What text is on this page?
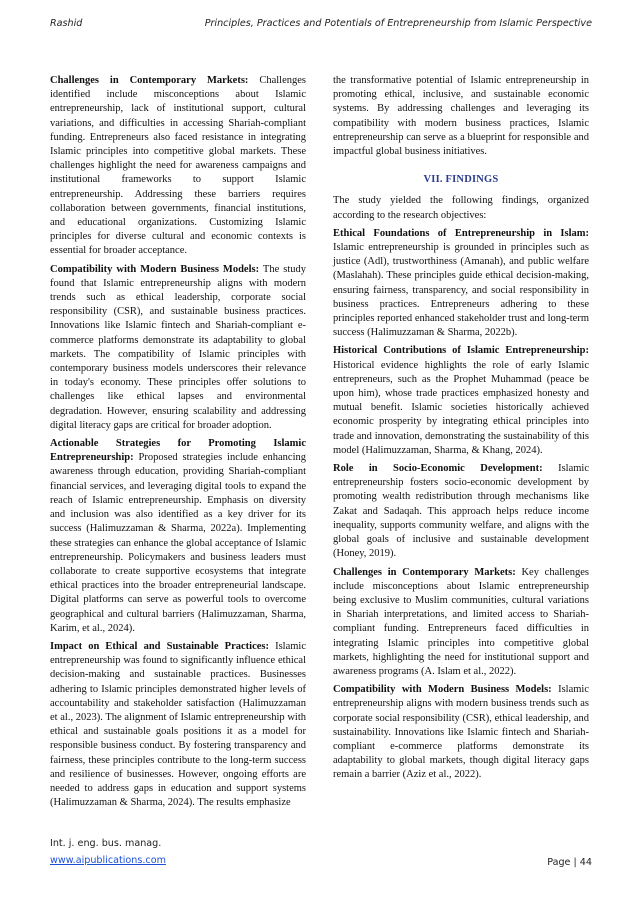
Rashid	Principles, Practices and Potentials of Entrepreneurship from Islamic Perspective

Challenges in Contemporary Markets: Challenges identified include misconceptions about Islamic entrepreneurship, lack of institutional support, cultural variations, and difficulties in accessing Shariah-compliant funding. Entrepreneurs also faced resistance in integrating Islamic principles into competitive global markets. These challenges highlight the need for awareness campaigns and institutional frameworks to support Islamic entrepreneurship. Addressing these barriers requires collaboration between governments, financial institutions, and educational organizations. Customizing Islamic principles for diverse cultural and economic contexts is essential for broader acceptance.

Compatibility with Modern Business Models: The study found that Islamic entrepreneurship aligns with modern trends such as ethical leadership, corporate social responsibility (CSR), and sustainable business practices. Innovations like Islamic fintech and Shariah-compliant e-commerce platforms demonstrate its adaptability to global markets. The compatibility of Islamic principles with contemporary business models underscores their relevance in today's economy. These principles offer solutions to challenges like ethical lapses and environmental degradation. However, ensuring scalability and addressing digital literacy gaps are critical for broader adoption.

Actionable Strategies for Promoting Islamic Entrepreneurship: Proposed strategies include enhancing awareness through education, providing Shariah-compliant financial services, and leveraging digital tools to expand the reach of Islamic entrepreneurship. Emphasis on diversity and inclusion was also identified as a key driver for its success (Halimuzzaman & Sharma, 2022a). Implementing these strategies can enhance the global acceptance of Islamic entrepreneurship. Policymakers and business leaders must collaborate to create supportive ecosystems that integrate ethical practices into the broader entrepreneurial landscape. Digital platforms can serve as powerful tools to overcome geographical and cultural barriers (Halimuzzaman, Sharma, Karim, et al., 2024).

Impact on Ethical and Sustainable Practices: Islamic entrepreneurship was found to significantly influence ethical decision-making and sustainable practices. Businesses adhering to Islamic principles demonstrated higher levels of accountability and stakeholder satisfaction (Halimuzzaman et al., 2023). The alignment of Islamic entrepreneurship with ethical and sustainable goals positions it as a model for responsible business conduct. By fostering transparency and fairness, these principles contribute to the long-term success and resilience of businesses. However, ongoing efforts are needed to address gaps in education and support systems (Halimuzzaman & Sharma, 2024). The results emphasize

the transformative potential of Islamic entrepreneurship in promoting ethical, inclusive, and sustainable economic systems. By addressing challenges and leveraging its compatibility with modern business practices, Islamic entrepreneurship can serve as a blueprint for responsible and impactful global business initiatives.

VII. FINDINGS

The study yielded the following findings, organized according to the research objectives:

Ethical Foundations of Entrepreneurship in Islam: Islamic entrepreneurship is grounded in principles such as justice (Adl), trustworthiness (Amanah), and public welfare (Maslahah). These principles guide ethical decision-making, ensuring fairness, transparency, and social responsibility in business practices. Entrepreneurs adhering to these principles reported enhanced stakeholder trust and long-term success (Halimuzzaman & Sharma, 2022b).

Historical Contributions of Islamic Entrepreneurship: Historical evidence highlights the role of early Islamic entrepreneurs, such as the Prophet Muhammad (peace be upon him), whose trade practices emphasized honesty and mutual benefit. Islamic societies historically achieved economic prosperity by integrating ethical principles into trade and innovation, demonstrating the sustainability of this model (Halimuzzaman, Sharma, & Khang, 2024).

Role in Socio-Economic Development: Islamic entrepreneurship fosters socio-economic development by promoting wealth redistribution through mechanisms like Zakat and Sadaqah. This approach helps reduce income inequality, supports community welfare, and aligns with the global goals of inclusive and sustainable development (Honey, 2019).

Challenges in Contemporary Markets: Key challenges include misconceptions about Islamic entrepreneurship being exclusive to Muslim communities, cultural variations in Shariah interpretations, and limited access to Shariah-compliant funding. Entrepreneurs faced difficulties in integrating Islamic principles into competitive global markets, highlighting the need for institutional support and awareness programs (A. Islam et al., 2022).

Compatibility with Modern Business Models: Islamic entrepreneurship aligns with modern business trends such as corporate social responsibility (CSR), ethical leadership, and sustainability. Innovations like Islamic fintech and Shariah-compliant e-commerce platforms demonstrate its adaptability to global markets, though digital literacy gaps remain a barrier (Aziz et al., 2022).

Int. j. eng. bus. manag.
www.aipublications.com	Page | 44
